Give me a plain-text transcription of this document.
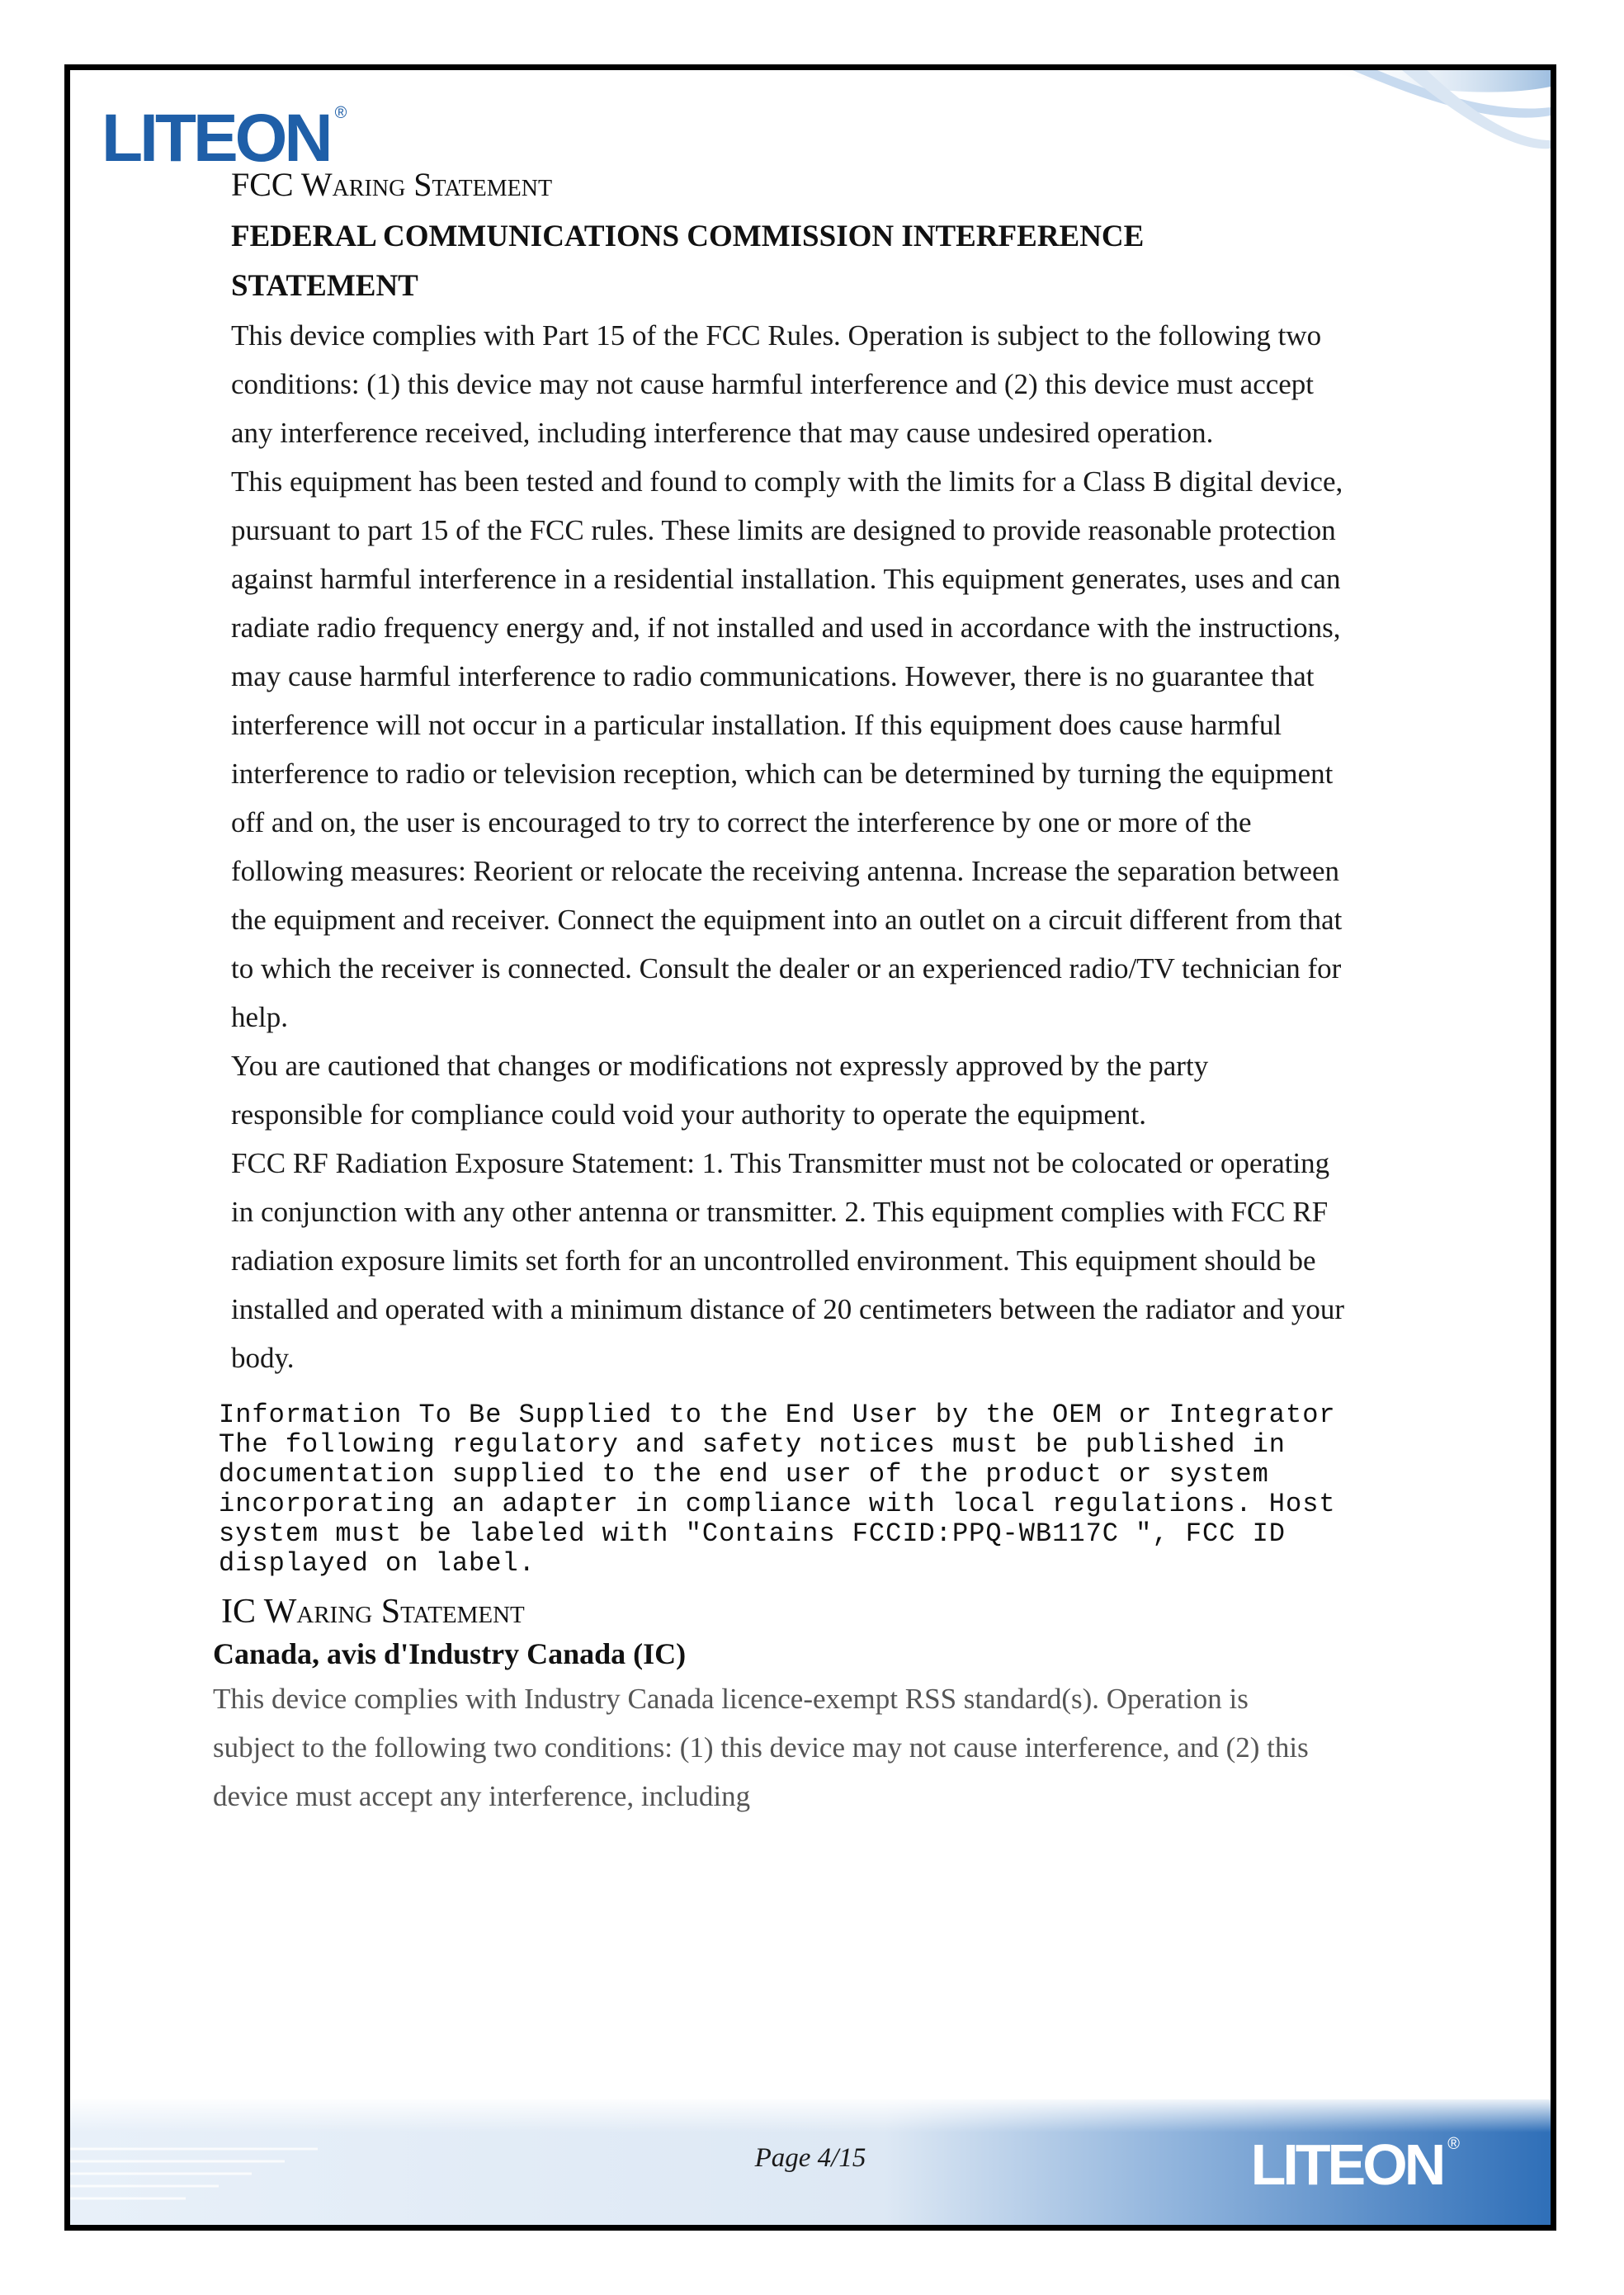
LITEON ®
FCC Waring Statement
FEDERAL COMMUNICATIONS COMMISSION INTERFERENCE STATEMENT

This device complies with Part 15 of the FCC Rules. Operation is subject to the following two conditions: (1) this device may not cause harmful interference and (2) this device must accept any interference received, including interference that may cause undesired operation.

This equipment has been tested and found to comply with the limits for a Class B digital device, pursuant to part 15 of the FCC rules. These limits are designed to provide reasonable protection against harmful interference in a residential installation. This equipment generates, uses and can radiate radio frequency energy and, if not installed and used in accordance with the instructions, may cause harmful interference to radio communications. However, there is no guarantee that interference will not occur in a particular installation. If this equipment does cause harmful interference to radio or television reception, which can be determined by turning the equipment off and on, the user is encouraged to try to correct the interference by one or more of the following measures: Reorient or relocate the receiving antenna. Increase the separation between the equipment and receiver. Connect the equipment into an outlet on a circuit different from that to which the receiver is connected. Consult the dealer or an experienced radio/TV technician for help.

You are cautioned that changes or modifications not expressly approved by the party responsible for compliance could void your authority to operate the equipment.

FCC RF Radiation Exposure Statement: 1. This Transmitter must not be colocated or operating in conjunction with any other antenna or transmitter. 2. This equipment complies with FCC RF radiation exposure limits set forth for an uncontrolled environment. This equipment should be installed and operated with a minimum distance of 20 centimeters between the radiator and your body.

Information To Be Supplied to the End User by the OEM or Integrator
The following regulatory and safety notices must be published in
documentation supplied to the end user of the product or system
incorporating an adapter in compliance with local regulations. Host
system must be labeled with "Contains FCCID:PPQ-WB117C ", FCC ID
displayed on label.
IC Waring Statement
Canada, avis d'Industry Canada (IC)

This device complies with Industry Canada licence-exempt RSS standard(s). Operation is subject to the following two conditions: (1) this device may not cause interference, and (2) this device must accept any interference, including

Page 4/15	LITEON ®
